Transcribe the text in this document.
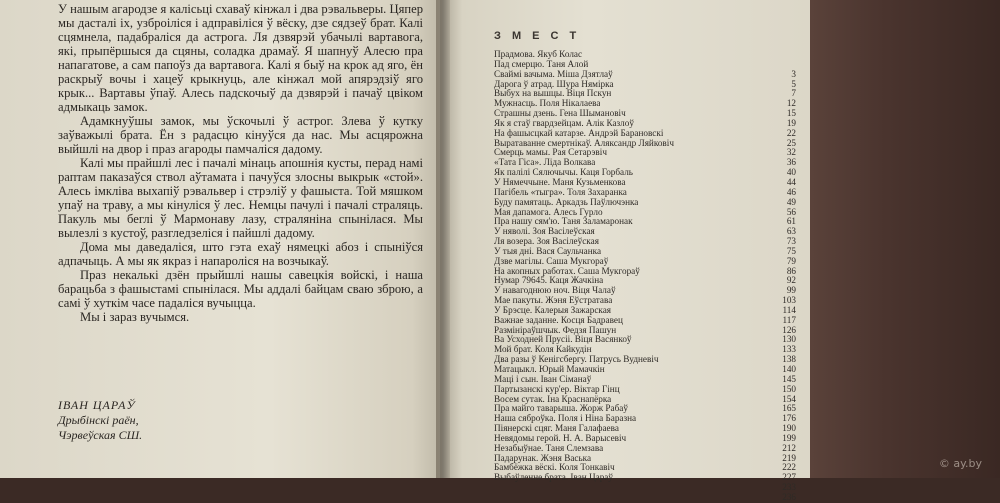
У нашым агародзе я калісьці схаваў кінжал і два рэвальверы. Цяпер мы дасталі іх, узброіліся і адправіліся ў вёску, дзе сядзеў брат. Калі сцямнела, падабраліся да астрога. Ля дзвярэй убачылі вартавога, які, прыпёршыся да сцяны, соладка драмаў. Я шапнуў Алесю пра напагатове, а сам папоўз да вартавога. Калі я быў на крок ад яго, ён раскрыў вочы і хацеў крыкнуць, але кінжал мой апярэдзіў яго крык... Вартавы ўпаў. Алесь падскочыў да дзвярэй і пачаў цвіком адмыкаць замок.

Адамкнуўшы замок, мы ўскочылі ў астрог. Злева ў кутку заўважылі брата. Ён з радасцю кінуўся да нас. Мы асцярожна выйшлі на двор і праз агароды памчаліся дадому.

Калі мы прайшлі лес і пачалі мінаць апошнія кусты, перад намі раптам паказаўся ствол аўтамата і пачуўся злосны выкрык «стой». Алесь імкліва выхапіў рэвальвер і стрэліў у фашыста. Той мяшком упаў на траву, а мы кінуліся ў лес. Немцы пачулі і пачалі страляць. Пакуль мы беглі ў Мармонаву лазу, страляніна спынілася. Мы вылезлі з кустоў, разгледзеліся і пайшлі дадому.

Дома мы даведаліся, што гэта ехаў нямецкі абоз і спыніўся адпачыць. А мы як якраз і напароліся на возчыкаў.

Праз некалькі дзён прыйшлі нашы савецкія войскі, і наша барацьба з фашыстамі спынілася. Мы аддалі байцам сваю зброю, а самі ў хуткім часе падаліся вучыцца.

Мы і зараз вучымся.

ІВАН ЦАРАЎ
Дрыбінскі раён,
Чэрвеўская СШ.
З М Е С Т
Прадмова. Якуб Колас
Пад смерцю. Таня Алой
Сваймі вачыма. Міша Дзятлаў	3
Дарога ў атрад. Шура Нямірка	5
Выбух на вышцы. Віця Пскун	7
Мужнасць. Поля Нікалаева	12
Страшны дзень. Гена Шымановіч	15
Як я стаў гвардзейцам. Алік Казлоў	19
На фашысцкай катарзе. Андрэй Барановскі	22
Выратаванне смертнікаў. Аляксандр Ляйковіч	25
Смерць мамы. Рая Сетарэвіч	32
«Тата Гіса». Ліда Волкава	36
Як палілі Сялючычы. Каця Горбаль	40
У Нямеччыне. Маня Кузьменкова	44
Пагібель «тыгра». Толя Захаранка	46
Буду памятаць. Аркадзь Паўлючэнка	49
Мая дапамога. Алесь Гурло	56
Пра нашу сям'ю. Таня Заламаронак	61
У няволі. Зоя Васілеўская	63
Ля возера. Зоя Васілеўская	73
У тыя дні. Вася Саульчанка	75
Дзве магілы. Саша Мукгораў	79
На акопных работах. Саша Мукгораў	86
Нумар 79645. Каця Жачкіна	92
У навагоднюю ноч. Віця Чалаў	99
Мае пакуты. Жэня Еўстратава	103
У Брэсце. Калерыя Зажарская	114
Важнае заданне. Косця Бадравец	117
Размініраўшчык. Федзя Пашун	126
Ва Усходней Прусіі. Віця Васянкоў	130
Мой брат. Коля Кайкудін	133
Два разы ў Кенігсбергу. Патрусь Вудневіч	138
Матацыкл. Юрый Мамачкін	140
Маці і сын. Іван Сіманаў	145
Партызанскі кур'ер. Віктар Гінц	150
Восем сутак. Іна Краснапёрка	154
Пра майго таварыша. Жорж Рабаў	165
Наша сяброўка. Поля і Ніна Баразна	176
Піянерскі сцяг. Маня Галафаева	190
Невядомы герой. Н. А. Варысевіч	199
Незабыўнае. Таня Слемзава	212
Падарунак. Жэня Васька	219
Бамбёжка вёскі. Коля Тонкавіч	222
Выбаўленне брата. Іван Цараў	227
233
236
© ay.by
